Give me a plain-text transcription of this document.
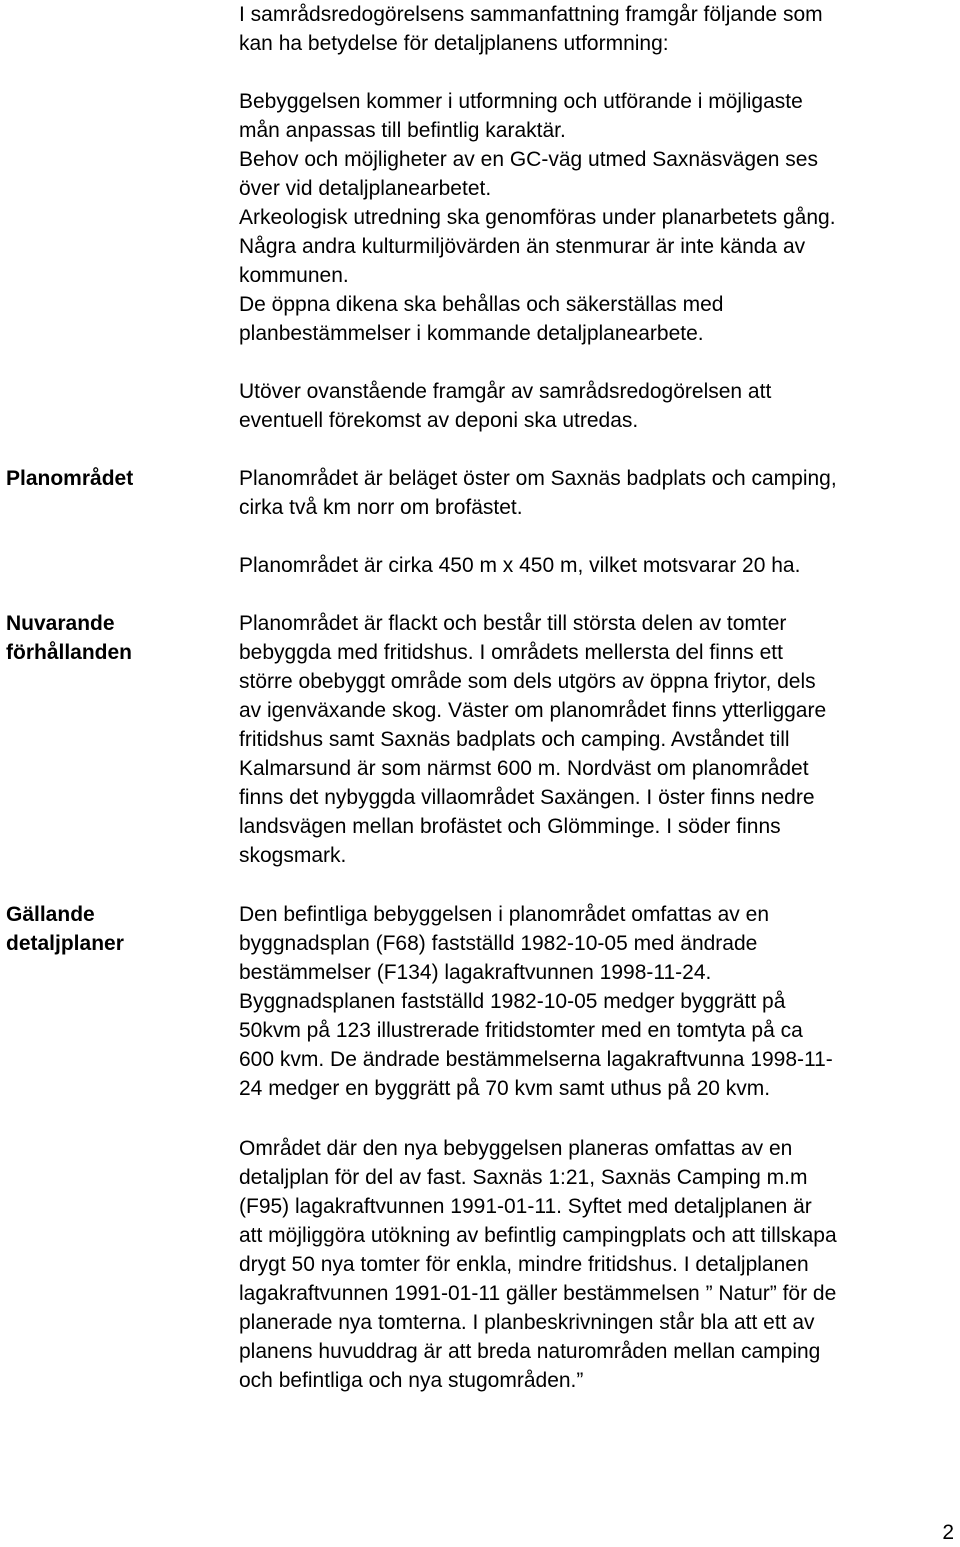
I samrådsredogörelsens sammanfattning framgår följande som
kan ha betydelse för detaljplanens utformning:
Bebyggelsen kommer i utformning och utförande i möjligaste
mån anpassas till befintlig karaktär.
Behov och möjligheter av en GC-väg utmed Saxnäsvägen ses
över vid detaljplanearbetet.
Arkeologisk utredning ska genomföras under planarbetets gång.
Några andra kulturmiljövärden än stenmurar är inte kända av
kommunen.
De öppna dikena ska behållas och säkerställas med
planbestämmelser i kommande detaljplanearbete.
Utöver ovanstående framgår av samrådsredogörelsen att
eventuell förekomst av deponi ska utredas.
Planområdet	Planområdet är beläget öster om Saxnäs badplats och camping,
cirka två km norr om brofästet.
Planområdet är cirka 450 m x 450 m, vilket motsvarar 20 ha.
Nuvarande
förhållanden
Planområdet är flackt och består till största delen av tomter
bebyggda med fritidshus. I områdets mellersta del finns ett
större obebyggt område som dels utgörs av öppna friytor, dels
av igenväxande skog. Väster om planområdet finns ytterliggare
fritidshus samt Saxnäs badplats och camping. Avståndet till
Kalmarsund är som närmst 600 m. Nordväst om planområdet
finns det nybyggda villaområdet Saxängen. I öster finns nedre
landsvägen mellan brofästet och Glömminge. I söder finns
skogsmark.
Gällande
detaljplaner
Den befintliga bebyggelsen i planområdet omfattas av en
byggnadsplan (F68) fastställd 1982-10-05 med ändrade
bestämmelser (F134) lagakraftvunnen 1998-11-24.
Byggnadsplanen fastställd 1982-10-05 medger byggrätt på
50kvm på 123 illustrerade fritidstomter med en tomtyta på ca
600 kvm. De ändrade bestämmelserna lagakraftvunna 1998-11-
24 medger en byggrätt på 70 kvm samt uthus på 20 kvm.
Området där den nya bebyggelsen planeras omfattas av en
detaljplan för del av fast. Saxnäs 1:21, Saxnäs Camping m.m
(F95) lagakraftvunnen 1991-01-11. Syftet med detaljplanen är
att möjliggöra utökning av befintlig campingplats och att tillskapa
drygt 50 nya tomter för enkla, mindre fritidshus. I detaljplanen
lagakraftvunnen 1991-01-11 gäller bestämmelsen ” Natur” för de
planerade nya tomterna. I planbeskrivningen står bla att ett av
planens huvuddrag är att breda naturområden mellan camping
och befintliga och nya stugområden.”
2
